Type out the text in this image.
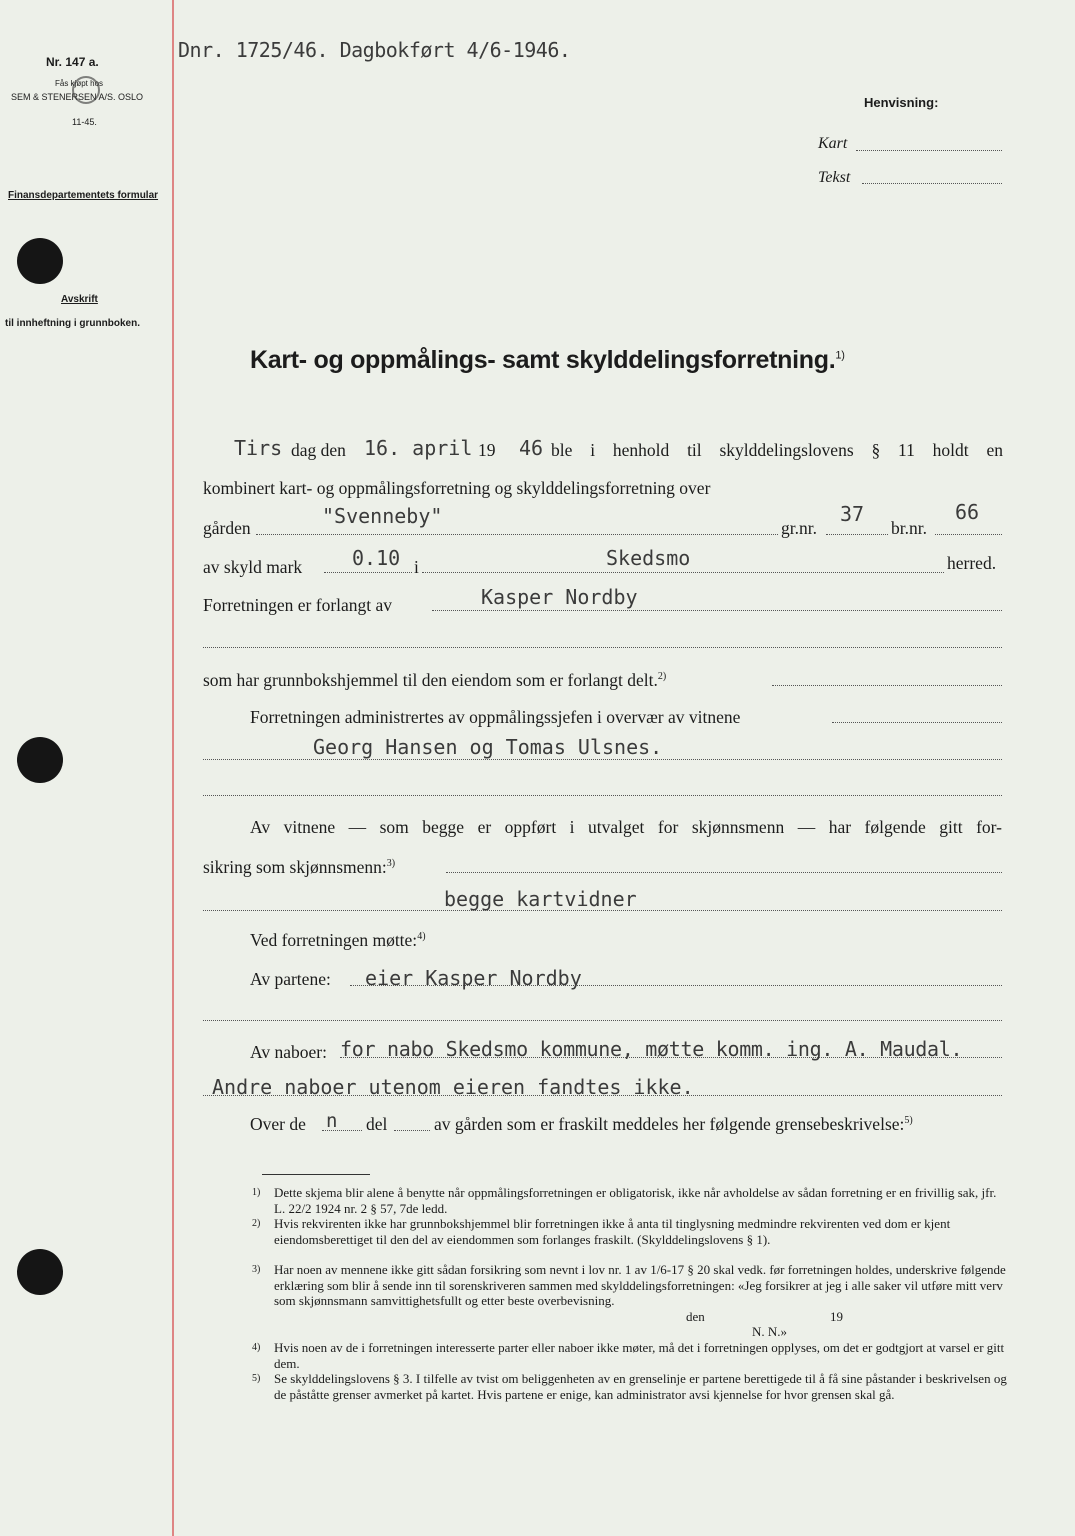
Nr. 147 a.
Fås kjøpt hos
SEM & STENERSEN A/S. OSLO
11-45.
Finansdepartementets formular
Avskrift
til innheftning i grunnboken.
Dnr. 1725/46. Dagbokført 4/6-1946.
Henvisning:
Kart
Tekst
Kart- og oppmålings- samt skylddelingsforretning.$^{1)}$
Tirs dag den 16. april 19 46 ble i henhold til skylddelingslovens § 11 holdt en
kombinert kart- og oppmålingsforretning og skylddelingsforretning over
gården	"Svenneby"	gr.nr.
37
br.nr.
66
av skyld mark 0.10 i	Skedsmo	herred.
Forretningen er forlangt av	Kasper Nordby
som har grunnbokshjemmel til den eiendom som er forlangt delt.$^{2)}$
Forretningen administrertes av oppmålingssjefen i overvær av vitnene
Georg Hansen og Tomas Ulsnes.
Av vitnene — som begge er oppført i utvalget for skjønnsmenn — har følgende gitt for-
sikring som skjønnsmenn:$^{3)}$
begge kartvidner
Ved forretningen møtte:$^{4)}$
Av partene: eier Kasper Nordby
Av naboer: for nabo Skedsmo kommune, møtte komm. ing. A. Maudal.
Andre naboer utenom eieren fandtes ikke.
Over de n del	av gården som er fraskilt meddeles her følgende grensebeskrivelse:$^{5)}$
1) Dette skjema blir alene å benytte når oppmålingsforretningen er obligatorisk, ikke når avholdelse av sådan forretning er en frivillig sak, jfr. L. 22/2 1924 nr. 2 § 57, 7de ledd.
2) Hvis rekvirenten ikke har grunnbokshjemmel blir forretningen ikke å anta til tinglysning medmindre rekvirenten ved dom er kjent eiendomsberettiget til den del av eiendommen som forlanges fraskilt. (Skylddelingslovens § 1).
3) Har noen av mennene ikke gitt sådan forsikring som nevnt i lov nr. 1 av 1/6-17 § 20 skal vedk. før forretningen holdes, underskrive følgende erklæring som blir å sende inn til sorenskriveren sammen med skylddelingsforretningen: «Jeg forsikrer at jeg i alle saker vil utføre mitt verv som skjønnsmann samvittighetsfullt og etter beste overbevisning.
den	19
N. N.»
4) Hvis noen av de i forretningen interesserte parter eller naboer ikke møter, må det i forretningen opplyses, om det er godtgjort at varsel er gitt dem.
5) Se skylddelingslovens § 3. I tilfelle av tvist om beliggenheten av en grenselinje er partene berettigede til å få sine påstander i beskrivelsen og de påståtte grenser avmerket på kartet. Hvis partene er enige, kan administrator avsi kjennelse for hvor grensen skal gå.
